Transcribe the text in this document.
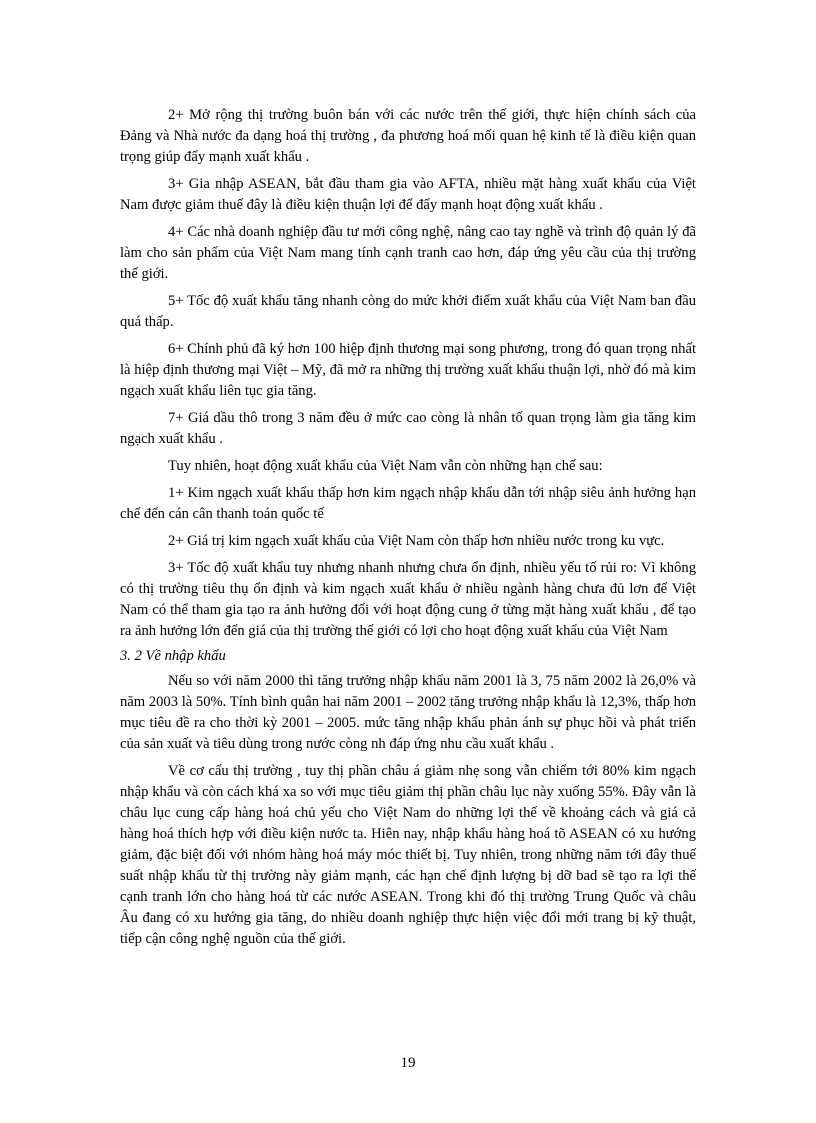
2+ Mở rộng thị trường buôn bán với các nước trên thế giới, thực hiện chính sách của Đảng và Nhà nước đa dạng hoá thị trường , đa phương hoá mối quan hệ kinh tế là điều kiện quan trọng giúp đẩy mạnh xuất khẩu .

3+ Gia nhập ASEAN, bắt đầu tham gia vào AFTA, nhiều mặt hàng xuất khẩu của Việt Nam được giảm thuế đây là điều kiện thuận lợi để đẩy mạnh hoạt động xuất khẩu .

4+ Các nhà doanh nghiệp đầu tư mới công nghệ, nâng cao tay nghề và trình độ quản lý đã làm cho sản phẩm của Việt Nam mang tính cạnh tranh cao hơn, đáp ứng yêu cầu của thị trường thế giới.

5+ Tốc độ xuất khẩu tăng nhanh còng do mức khởi điểm xuất khẩu của Việt Nam ban đầu quá thấp.

6+ Chính phủ đã ký hơn 100 hiệp định thương mại song phương, trong đó quan trọng nhất là hiệp định thương mại Việt – Mỹ, đã mở ra những thị trường xuất khẩu thuận lợi, nhờ đó mà kim ngạch xuất khẩu liên tục gia tăng.

7+ Giá dầu thô trong 3 năm đều ở mức cao còng là nhân tố quan trọng làm gia tăng kim ngạch xuất khẩu .

Tuy nhiên, hoạt động xuất khẩu của Việt Nam vẫn còn những hạn chế sau:

1+ Kim ngạch xuất khẩu thấp hơn kim ngạch nhập khẩu dẫn tới nhập siêu ảnh hưởng hạn chế đến cán cân thanh toán quốc tế

2+ Giá trị kim ngạch xuất khẩu của Việt Nam còn thấp hơn nhiều nước trong ku vực.

3+ Tốc độ xuất khẩu tuy nhưng nhanh nhưng chưa ổn định, nhiều yếu tố rủi ro: Vì không có thị trường tiêu thụ ổn định và kim ngạch xuất khẩu ở nhiều ngành hàng chưa đủ lơn để Việt Nam có thể tham gia tạo ra ảnh hưởng đối với hoạt động cung ở từng mặt hàng xuất khẩu , để tạo ra ảnh hưởng lớn đến giá của thị trường thế giới có lợi cho hoạt động xuất khẩu của Việt Nam

3. 2 Về nhập khẩu

Nếu so với năm 2000 thì tăng trưởng nhập khẩu năm 2001 là 3, 75 năm 2002 là 26,0% và năm 2003 là 50%. Tính bình quân hai năm 2001 – 2002 tăng trưởng nhập khẩu là 12,3%, thấp hơn mục tiêu đề ra cho thời kỳ 2001 – 2005. mức tăng nhập khẩu phản ánh sự phục hồi và phát triển của sản xuất và tiêu dùng trong nước còng nh đáp ứng nhu cầu xuất khẩu .

Về cơ cấu thị trường , tuy thị phần châu á giảm nhẹ song vẫn chiếm tới 80% kim ngạch nhập khẩu và còn cách khá xa so với mục tiêu giảm thị phần châu lục này xuống 55%. Đây vẫn là châu lục cung cấp hàng hoá chủ yếu cho Việt Nam do những lợi thế về khoảng cách và giá cả hàng hoá thích hợp với điều kiện nước ta. Hiên nay, nhập khẩu hàng hoá tõ ASEAN có xu hướng giảm, đặc biệt đối với nhóm hàng hoá máy móc thiết bị. Tuy nhiên, trong những năm tới đây thuế suất nhập khẩu từ thị trường này giảm mạnh, các hạn chế định lượng bị dỡ bad sẽ tạo ra lợi thế cạnh tranh lớn cho hàng hoá từ các nước ASEAN. Trong khi đó thị trường Trung Quốc và châu Âu đang có xu hướng gia tăng, do nhiều doanh nghiệp thực hiện việc đổi mới trang bị kỹ thuật, tiếp cận công nghệ nguồn của thế giới.

19
